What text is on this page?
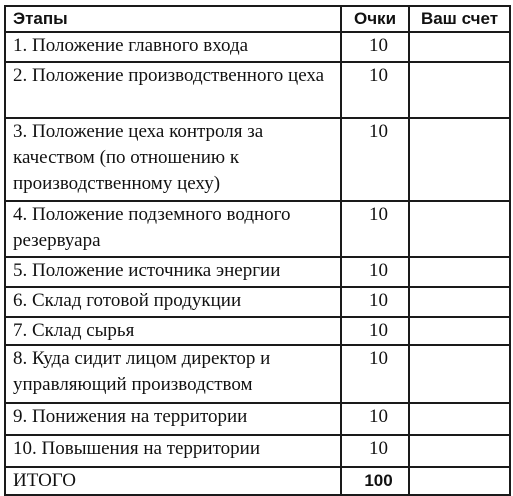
Этапы	Очки	Ваш счет
1. Положение главного входа	10	
2. Положение производственного цеха	10	
3. Положение цеха контроля за качеством (по отношению к производственному цеху)	10	
4. Положение подземного водного резервуара	10	
5. Положение источника энергии	10	
6. Склад готовой продукции	10	
7. Склад сырья	10	
8. Куда сидит лицом директор и управляющий производством	10	
9. Понижения на территории	10	
10. Повышения на территории	10	
ИТОГО	100	
